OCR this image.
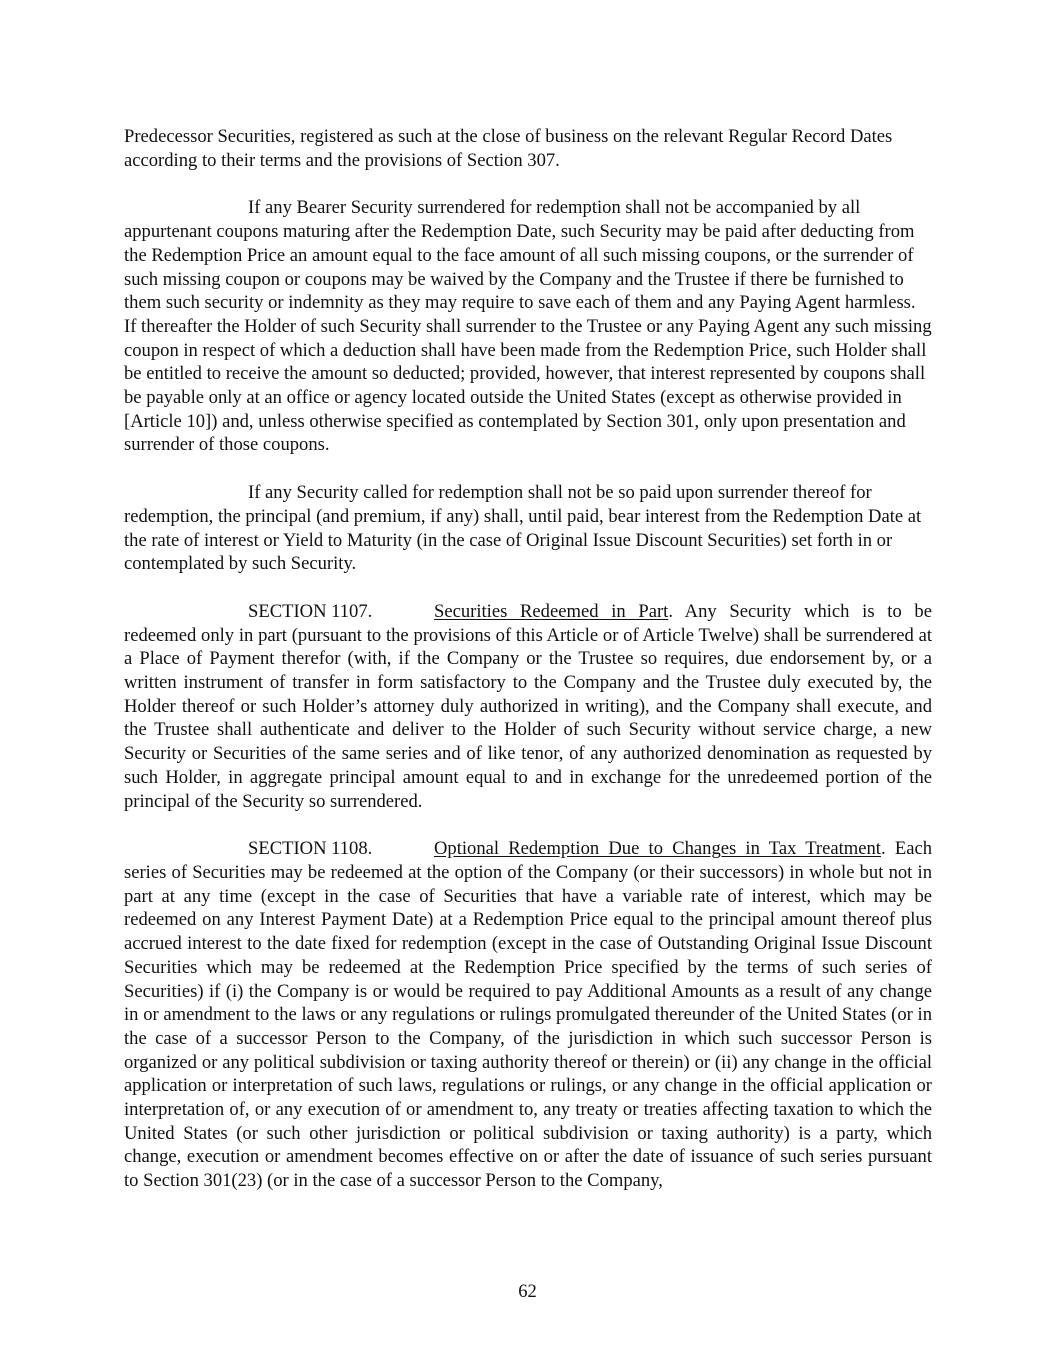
Predecessor Securities, registered as such at the close of business on the relevant Regular Record Dates according to their terms and the provisions of Section 307.

If any Bearer Security surrendered for redemption shall not be accompanied by all appurtenant coupons maturing after the Redemption Date, such Security may be paid after deducting from the Redemption Price an amount equal to the face amount of all such missing coupons, or the surrender of such missing coupon or coupons may be waived by the Company and the Trustee if there be furnished to them such security or indemnity as they may require to save each of them and any Paying Agent harmless. If thereafter the Holder of such Security shall surrender to the Trustee or any Paying Agent any such missing coupon in respect of which a deduction shall have been made from the Redemption Price, such Holder shall be entitled to receive the amount so deducted; provided, however, that interest represented by coupons shall be payable only at an office or agency located outside the United States (except as otherwise provided in [Article 10]) and, unless otherwise specified as contemplated by Section 301, only upon presentation and surrender of those coupons.

If any Security called for redemption shall not be so paid upon surrender thereof for redemption, the principal (and premium, if any) shall, until paid, bear interest from the Redemption Date at the rate of interest or Yield to Maturity (in the case of Original Issue Discount Securities) set forth in or contemplated by such Security.

SECTION 1107.	Securities Redeemed in Part. Any Security which is to be redeemed only in part (pursuant to the provisions of this Article or of Article Twelve) shall be surrendered at a Place of Payment therefor (with, if the Company or the Trustee so requires, due endorsement by, or a written instrument of transfer in form satisfactory to the Company and the Trustee duly executed by, the Holder thereof or such Holder’s attorney duly authorized in writing), and the Company shall execute, and the Trustee shall authenticate and deliver to the Holder of such Security without service charge, a new Security or Securities of the same series and of like tenor, of any authorized denomination as requested by such Holder, in aggregate principal amount equal to and in exchange for the unredeemed portion of the principal of the Security so surrendered.

SECTION 1108.	Optional Redemption Due to Changes in Tax Treatment. Each series of Securities may be redeemed at the option of the Company (or their successors) in whole but not in part at any time (except in the case of Securities that have a variable rate of interest, which may be redeemed on any Interest Payment Date) at a Redemption Price equal to the principal amount thereof plus accrued interest to the date fixed for redemption (except in the case of Outstanding Original Issue Discount Securities which may be redeemed at the Redemption Price specified by the terms of such series of Securities) if (i) the Company is or would be required to pay Additional Amounts as a result of any change in or amendment to the laws or any regulations or rulings promulgated thereunder of the United States (or in the case of a successor Person to the Company, of the jurisdiction in which such successor Person is organized or any political subdivision or taxing authority thereof or therein) or (ii) any change in the official application or interpretation of such laws, regulations or rulings, or any change in the official application or interpretation of, or any execution of or amendment to, any treaty or treaties affecting taxation to which the United States (or such other jurisdiction or political subdivision or taxing authority) is a party, which change, execution or amendment becomes effective on or after the date of issuance of such series pursuant to Section 301(23) (or in the case of a successor Person to the Company,

62
